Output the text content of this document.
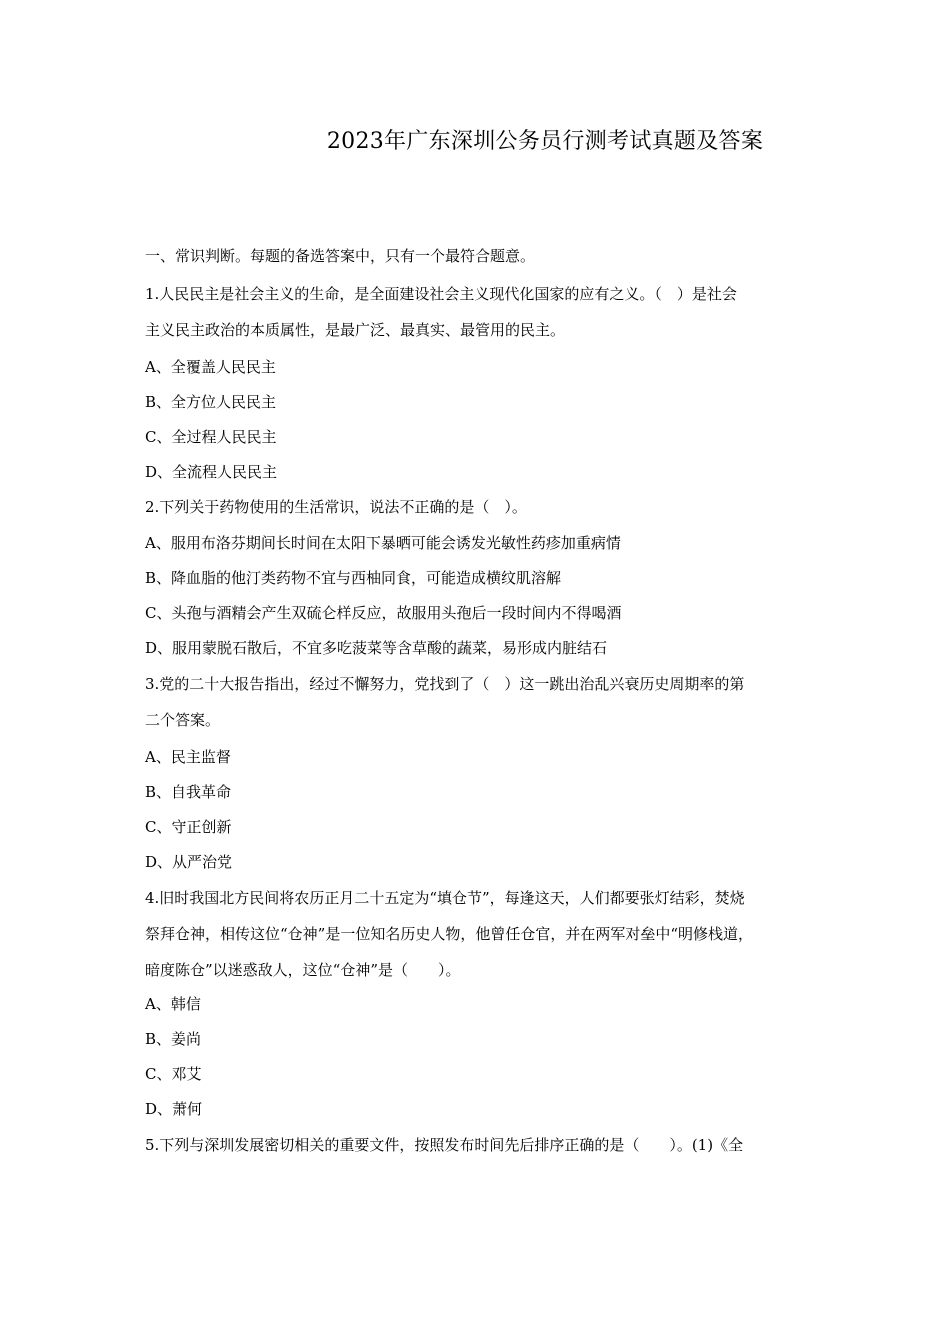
2023年广东深圳公务员行测考试真题及答案
一、常识判断。每题的备选答案中，只有一个最符合题意。
1.人民民主是社会主义的生命，是全面建设社会主义现代化国家的应有之义。（　）是社会
主义民主政治的本质属性，是最广泛、最真实、最管用的民主。
A、全覆盖人民民主
B、全方位人民民主
C、全过程人民民主
D、全流程人民民主
2.下列关于药物使用的生活常识，说法不正确的是（　）。
A、服用布洛芬期间长时间在太阳下暴晒可能会诱发光敏性药疹加重病情
B、降血脂的他汀类药物不宜与西柚同食，可能造成横纹肌溶解
C、头孢与酒精会产生双硫仑样反应，故服用头孢后一段时间内不得喝酒
D、服用蒙脱石散后，不宜多吃菠菜等含草酸的蔬菜，易形成内脏结石
3.党的二十大报告指出，经过不懈努力，党找到了（　）这一跳出治乱兴衰历史周期率的第
二个答案。
A、民主监督
B、自我革命
C、守正创新
D、从严治党
4.旧时我国北方民间将农历正月二十五定为“填仓节”，每逢这天，人们都要张灯结彩，焚烧
祭拜仓神，相传这位“仓神”是一位知名历史人物，他曾任仓官，并在两军对垒中“明修栈道，
暗度陈仓”以迷惑敌人，这位“仓神”是（　　）。
A、韩信
B、姜尚
C、邓艾
D、萧何
5.下列与深圳发展密切相关的重要文件，按照发布时间先后排序正确的是（　　）。(1)《全
